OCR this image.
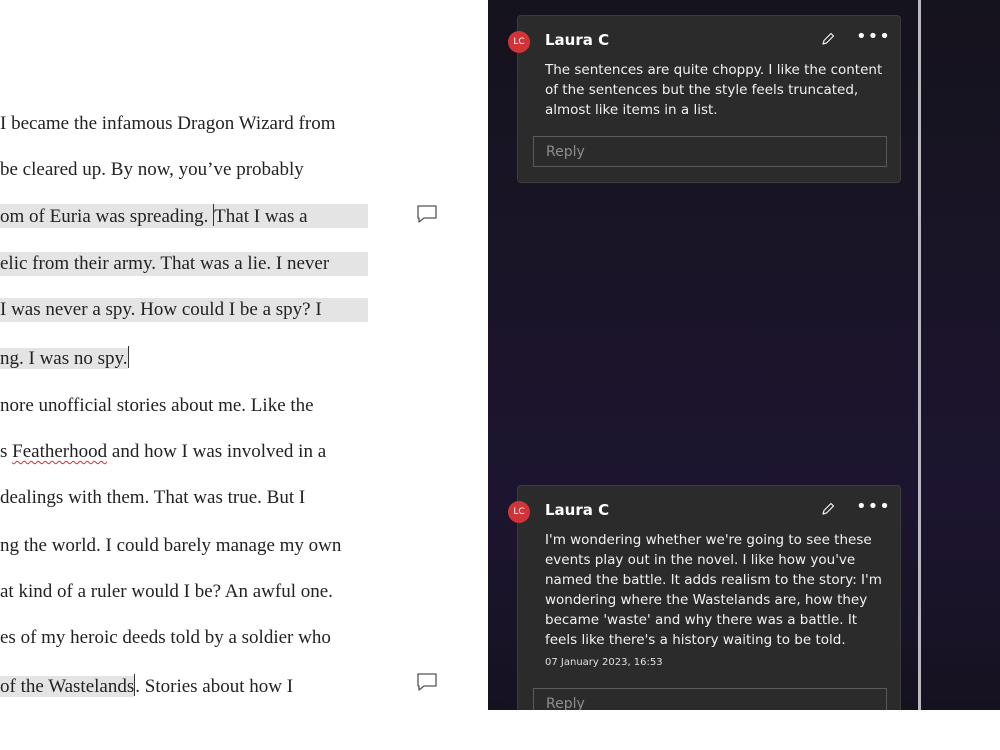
I became the infamous Dragon Wizard from
be cleared up. By now, you’ve probably
om of Euria was spreading. That I was a
elic from their army. That was a lie. I never
I was never a spy. How could I be a spy? I
ng. I was no spy.
nore unofficial stories about me. Like the
s Featherhood and how I was involved in a
dealings with them. That was true. But I
ng the world. I could barely manage my own
at kind of a ruler would I be? An awful one.
es of my heroic deeds told by a soldier who
of the Wastelands. Stories about how I
LC	Laura C	•••
The sentences are quite choppy. I like the content of the sentences but the style feels truncated, almost like items in a list.
Reply
LC	Laura C	•••
I'm wondering whether we're going to see these events play out in the novel. I like how you've named the battle. It adds realism to the story: I'm wondering where the Wastelands are, how they became 'waste' and why there was a battle. It feels like there's a history waiting to be told.
07 January 2023, 16:53
Reply
